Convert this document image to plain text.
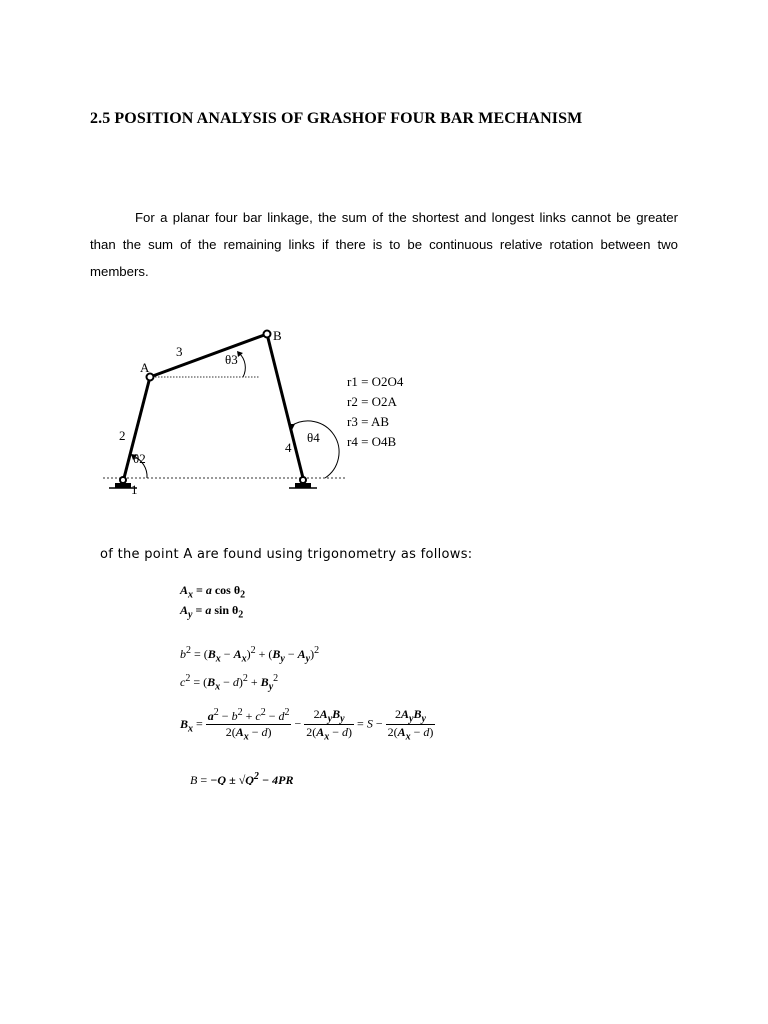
2.5 POSITION ANALYSIS OF GRASHOF FOUR BAR MECHANISM

For a planar four bar linkage, the sum of the shortest and longest links cannot be greater than the sum of the remaining links if there is to be continuous relative rotation between two members.

A
B
3
2
4
1
θ2
θ3
θ4
r1 = O2O4
r2 = O2A
r3 = AB
r4 = O4B
of the point A are found using trigonometry as follows:
$A_x = a$ $\cos \theta_2$
$A_y = a$ $\sin \theta_2$
$b^2 = (B_x - A_x)^2 + (B_y - A_y)^2$
$c^2 = (B_x - d)^2 + B_y^2$
$B_x = \frac{a^2 - b^2 + c^2 - d^2}{2(A_x - d)} - \frac{2A_yB_y}{2(A_x - d)} = S - \frac{2A_yB_y}{2(A_x - d)}$
$B = -Q \pm √Q^2 - 4PR$
